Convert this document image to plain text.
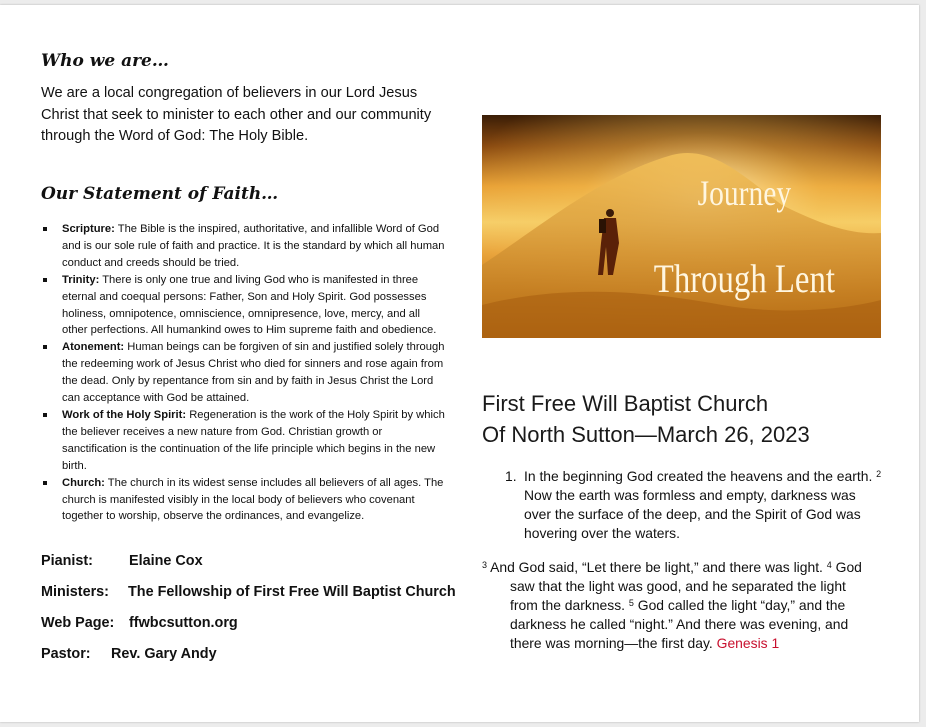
Who we are…
We are a local congregation of believers in our Lord Jesus Christ that seek to minister to each other and our community through the Word of God: The Holy Bible.
Our Statement of Faith…
Scripture: The Bible is the inspired, authoritative, and infallible Word of God and is our sole rule of faith and practice. It is the standard by which all human conduct and creeds should be tried.
Trinity: There is only one true and living God who is manifested in three eternal and coequal persons: Father, Son and Holy Spirit. God possesses holiness, omnipotence, omniscience, omnipresence, love, mercy, and all other perfections. All humankind owes to Him supreme faith and obedience.
Atonement: Human beings can be forgiven of sin and justified solely through the redeeming work of Jesus Christ who died for sinners and rose again from the dead. Only by repentance from sin and by faith in Jesus Christ the Lord can acceptance with God be attained.
Work of the Holy Spirit: Regeneration is the work of the Holy Spirit by which the believer receives a new nature from God. Christian growth or sanctification is the continuation of the life principle which begins in the new birth.
Church: The church in its widest sense includes all believers of all ages. The church is manifested visibly in the local body of believers who covenant together to worship, observe the ordinances, and evangelize.
Pianist:	Elaine Cox
Ministers: The Fellowship of First Free Will Baptist Church
Web Page: ffwbcsutton.org
Pastor: Rev. Gary Andy
Journey
Through Lent
First Free Will Baptist Church
Of North Sutton—March 26, 2023
1. In the beginning God created the heavens and the earth. $^2$ Now the earth was formless and empty, darkness was over the surface of the deep, and the Spirit of God was hovering over the waters.
$^3$ And God said, “Let there be light,” and there was light. $^4$ God saw that the light was good, and he separated the light from the darkness. $^5$ God called the light “day,” and the darkness he called “night.” And there was evening, and there was morning—the first day. Genesis 1
